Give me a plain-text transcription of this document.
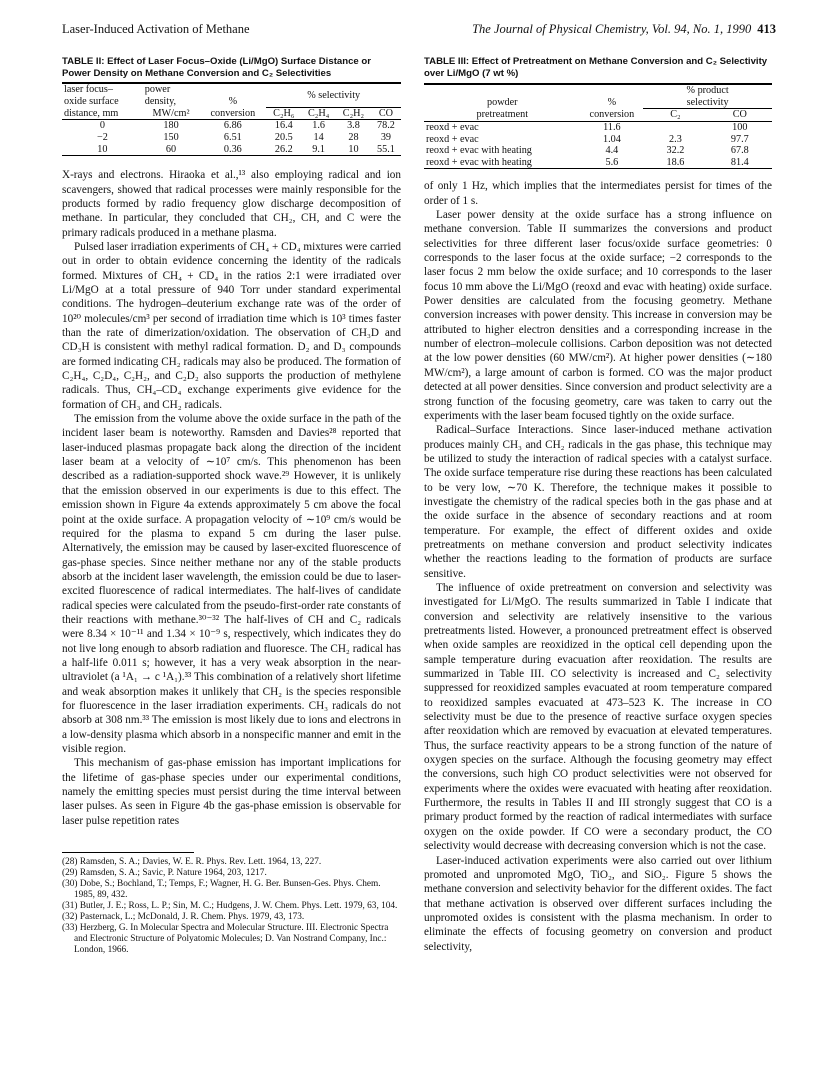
Laser-Induced Activation of Methane	The Journal of Physical Chemistry, Vol. 94, No. 1, 1990 413
TABLE II: Effect of Laser Focus–Oxide (Li/MgO) Surface Distance or Power Density on Methane Conversion and C₂ Selectivities
laser focus–	power		% selectivity			
oxide surface	density,	%				
distance, mm	MW/cm²	conversion	C₂H₆	C₂H₄	C₂H₂	CO
0	180	6.86	16.4	1.6	3.8	78.2
−2	150	6.51	20.5	14	28	39
10	60	0.36	26.2	9.1	10	55.1

X-rays and electrons. Hiraoka et al.,¹³ also employing radical and ion scavengers, showed that radical processes were mainly responsible for the products formed by radio frequency glow discharge decomposition of methane. In particular, they concluded that CH₂, CH, and C were the primary radicals produced in a methane plasma.

Pulsed laser irradiation experiments of CH₄ + CD₄ mixtures were carried out in order to obtain evidence concerning the identity of the radicals formed. Mixtures of CH₄ + CD₄ in the ratios 2:1 were irradiated over Li/MgO at a total pressure of 940 Torr under standard experimental conditions. The hydrogen–deuterium exchange rate was of the order of 10²⁰ molecules/cm³ per second of irradiation time which is 10³ times faster than the rate of dimerization/oxidation. The observation of CH₃D and CD₃H is consistent with methyl radical formation. D₂ and D₃ compounds are formed indicating CH₂ radicals may also be produced. The formation of C₂H₄, C₂D₄, C₂H₂, and C₂D₂ also supports the production of methylene radicals. Thus, CH₄–CD₄ exchange experiments give evidence for the formation of CH₃ and CH₂ radicals.

The emission from the volume above the oxide surface in the path of the incident laser beam is noteworthy. Ramsden and Davies²⁸ reported that laser-induced plasmas propagate back along the direction of the incident laser beam at a velocity of ∼10⁷ cm/s. This phenomenon has been described as a radiation-supported shock wave.²⁹ However, it is unlikely that the emission observed in our experiments is due to this effect. The emission shown in Figure 4a extends approximately 5 cm above the focal point at the oxide surface. A propagation velocity of ∼10⁹ cm/s would be required for the plasma to expand 5 cm during the laser pulse. Alternatively, the emission may be caused by laser-excited fluorescence of gas-phase species. Since neither methane nor any of the stable products absorb at the incident laser wavelength, the emission could be due to laser-excited fluorescence of radical intermediates. The half-lives of candidate radical species were calculated from the pseudo-first-order rate constants of their reactions with methane.³⁰⁻³² The half-lives of CH and C₂ radicals were 8.34 × 10⁻¹¹ and 1.34 × 10⁻⁹ s, respectively, which indicates they do not live long enough to absorb radiation and fluoresce. The CH₂ radical has a half-life 0.011 s; however, it has a very weak absorption in the near-ultraviolet (a ¹A₁ → c ¹A₁).³³ This combination of a relatively short lifetime and weak absorption makes it unlikely that CH₂ is the species responsible for fluorescence in the laser irradiation experiments. CH₃ radicals do not absorb at 308 nm.³³ The emission is most likely due to ions and electrons in a low-density plasma which absorb in a nonspecific manner and emit in the visible region.

This mechanism of gas-phase emission has important implications for the lifetime of gas-phase species under our experimental conditions, namely the emitting species must persist during the time interval between laser pulses. As seen in Figure 4b the gas-phase emission is observable for laser pulse repetition rates

(28) Ramsden, S. A.; Davies, W. E. R. Phys. Rev. Lett. 1964, 13, 227.
(29) Ramsden, S. A.; Savic, P. Nature 1964, 203, 1217.
(30) Dobe, S.; Bochland, T.; Temps, F.; Wagner, H. G. Ber. Bunsen-Ges. Phys. Chem. 1985, 89, 432.
(31) Butler, J. E.; Ross, L. P.; Sin, M. C.; Hudgens, J. W. Chem. Phys. Lett. 1979, 63, 104.
(32) Pasternack, L.; McDonald, J. R. Chem. Phys. 1979, 43, 173.
(33) Herzberg, G. In Molecular Spectra and Molecular Structure. III. Electronic Spectra and Electronic Structure of Polyatomic Molecules; D. Van Nostrand Company, Inc.: London, 1966.
TABLE III: Effect of Pretreatment on Methane Conversion and C₂ Selectivity over Li/MgO (7 wt %)
		% product	
powder	%	selectivity	
pretreatment	conversion	C₂	CO
reoxd + evac	11.6		100
reoxd + evac	1.04	2.3	97.7
reoxd + evac with heating	4.4	32.2	67.8
reoxd + evac with heating	5.6	18.6	81.4

of only 1 Hz, which implies that the intermediates persist for times of the order of 1 s.

Laser power density at the oxide surface has a strong influence on methane conversion. Table II summarizes the conversions and product selectivities for three different laser focus/oxide surface geometries: 0 corresponds to the laser focus at the oxide surface; −2 corresponds to the laser focus 2 mm below the oxide surface; and 10 corresponds to the laser focus 10 mm above the Li/MgO (reoxd and evac with heating) oxide surface. Power densities are calculated from the focusing geometry. Methane conversion increases with power density. This increase in conversion may be attributed to higher electron densities and a corresponding increase in the number of electron–molecule collisions. Carbon deposition was not detected at the low power densities (60 MW/cm²). At higher power densities (∼180 MW/cm²), a large amount of carbon is formed. CO was the major product detected at all power densities. Since conversion and product selectivity are a strong function of the focusing geometry, care was taken to carry out the experiments with the laser beam focused tightly on the oxide surface.

Radical–Surface Interactions. Since laser-induced methane activation produces mainly CH₃ and CH₂ radicals in the gas phase, this technique may be utilized to study the interaction of radical species with a catalyst surface. The oxide surface temperature rise during these reactions has been calculated to be very low, ∼70 K. Therefore, the technique makes it possible to investigate the chemistry of the radical species both in the gas phase and at the oxide surface in the absence of secondary reactions and at room temperature. For example, the effect of different oxides and oxide pretreatments on methane conversion and product selectivity indicates whether the reactions leading to the formation of products are surface sensitive.

The influence of oxide pretreatment on conversion and selectivity was investigated for Li/MgO. The results summarized in Table I indicate that conversion and selectivity are relatively insensitive to the various pretreatments listed. However, a pronounced pretreatment effect is observed when oxide samples are reoxidized in the optical cell depending upon the sample temperature during evacuation after reoxidation. The results are summarized in Table III. CO selectivity is increased and C₂ selectivity suppressed for reoxidized samples evacuated at room temperature compared to reoxidized samples evacuated at 473–523 K. The increase in CO selectivity must be due to the presence of reactive surface oxygen species after reoxidation which are removed by evacuation at elevated temperatures. Thus, the surface reactivity appears to be a strong function of the nature of oxygen species on the surface. Although the focusing geometry may effect the conversions, such high CO product selectivities were not observed for experiments where the oxides were evacuated with heating after reoxidation. Furthermore, the results in Tables II and III strongly suggest that CO is a primary product formed by the reaction of radical intermediates with surface oxygen on the oxide powder. If CO were a secondary product, the CO selectivity would decrease with decreasing conversion which is not the case.

Laser-induced activation experiments were also carried out over lithium promoted and unpromoted MgO, TiO₂, and SiO₂. Figure 5 shows the methane conversion and selectivity behavior for the different oxides. The fact that methane activation is observed over different surfaces including the unpromoted oxides is consistent with the plasma mechanism. In order to eliminate the effects of focusing geometry on conversion and product selectivity,
